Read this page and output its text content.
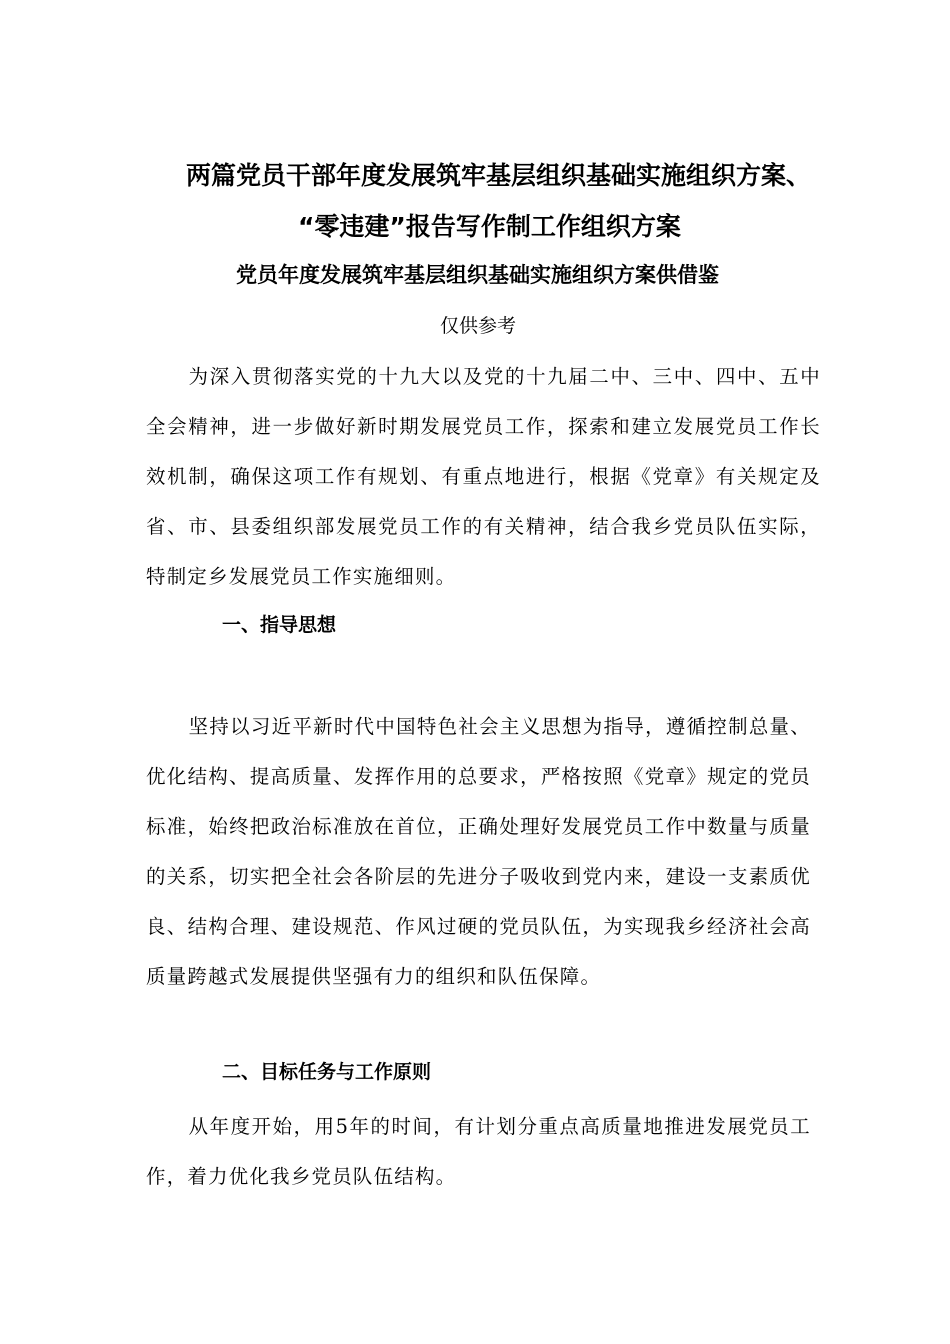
两篇党员干部年度发展筑牢基层组织基础实施组织方案、
“零违建”报告写作制工作组织方案
党员年度发展筑牢基层组织基础实施组织方案供借鉴

仅供参考

为深入贯彻落实党的十九大以及党的十九届二中、三中、四中、五中全会精神，进一步做好新时期发展党员工作，探索和建立发展党员工作长效机制，确保这项工作有规划、有重点地进行，根据《党章》有关规定及省、市、县委组织部发展党员工作的有关精神，结合我乡党员队伍实际，特制定乡发展党员工作实施细则。

一、指导思想

坚持以习近平新时代中国特色社会主义思想为指导，遵循控制总量、优化结构、提高质量、发挥作用的总要求，严格按照《党章》规定的党员标准，始终把政治标准放在首位，正确处理好发展党员工作中数量与质量的关系，切实把全社会各阶层的先进分子吸收到党内来，建设一支素质优良、结构合理、建设规范、作风过硬的党员队伍，为实现我乡经济社会高质量跨越式发展提供坚强有力的组织和队伍保障。

二、目标任务与工作原则

从年度开始，用5年的时间，有计划分重点高质量地推进发展党员工作，着力优化我乡党员队伍结构。
